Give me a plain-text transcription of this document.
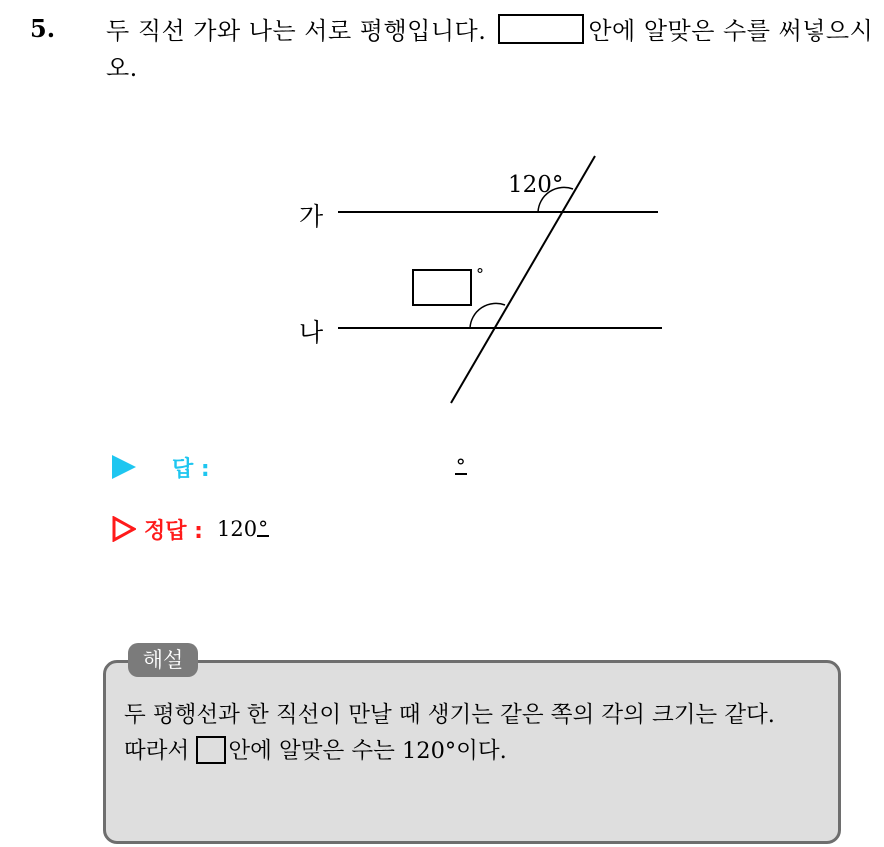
5. 두 직선 가와 나는 서로 평행입니다.	안에 알맞은 수를 써넣으시오.
가
나
120°
°
답 :	°
정답 : 120 °
해설
두 평행선과 한 직선이 만날 때 생기는 같은 쪽의 각의 크기는 같다.
따라서 안에 알맞은 수는 120°이다.
